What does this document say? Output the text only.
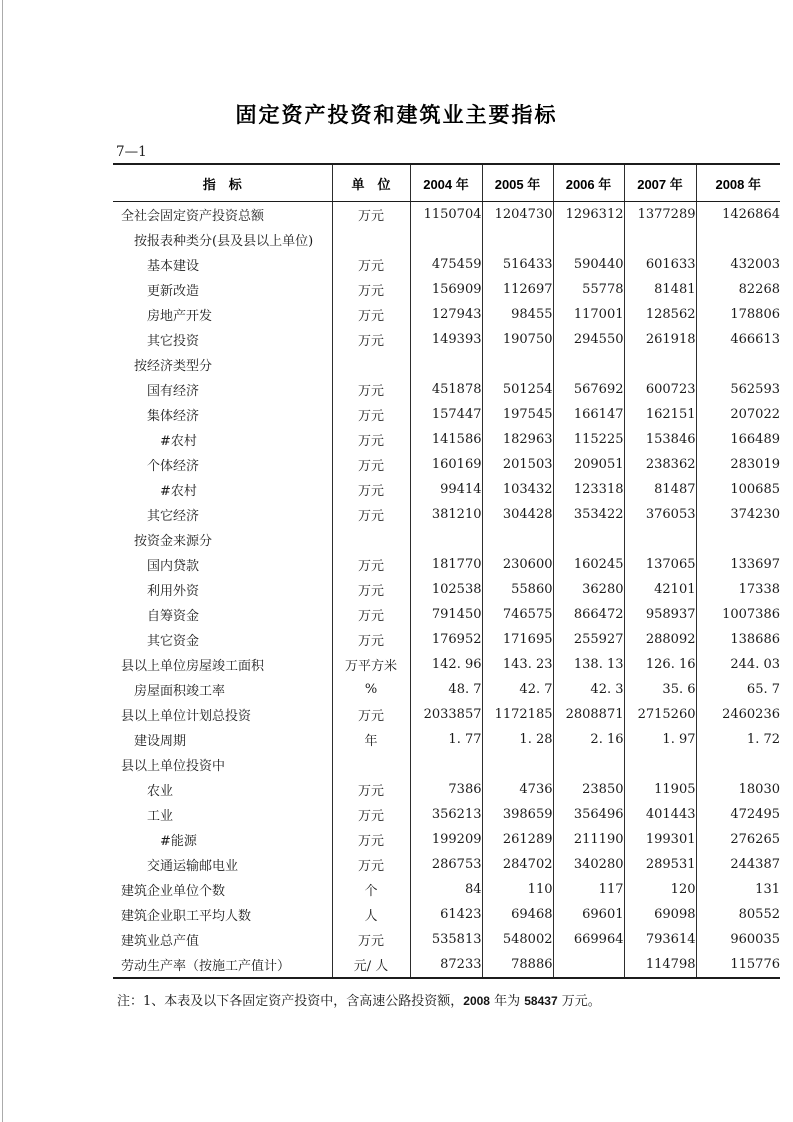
固定资产投资和建筑业主要指标
7—1
指　标	单　位	2004 年	2005 年	2006 年	2007 年	2008 年
全社会固定资产投资总额	万元	1150704	1204730	1296312	1377289	1426864
按报表种类分(县及县以上单位)						
基本建设	万元	475459	516433	590440	601633	432003
更新改造	万元	156909	112697	55778	81481	82268
房地产开发	万元	127943	98455	117001	128562	178806
其它投资	万元	149393	190750	294550	261918	466613
按经济类型分						
国有经济	万元	451878	501254	567692	600723	562593
集体经济	万元	157447	197545	166147	162151	207022
#农村	万元	141586	182963	115225	153846	166489
个体经济	万元	160169	201503	209051	238362	283019
#农村	万元	99414	103432	123318	81487	100685
其它经济	万元	381210	304428	353422	376053	374230
按资金来源分						
国内贷款	万元	181770	230600	160245	137065	133697
利用外资	万元	102538	55860	36280	42101	17338
自筹资金	万元	791450	746575	866472	958937	1007386
其它资金	万元	176952	171695	255927	288092	138686
县以上单位房屋竣工面积	万平方米	142. 96	143. 23	138. 13	126. 16	244. 03
房屋面积竣工率	%	48. 7	42. 7	42. 3	35. 6	65. 7
县以上单位计划总投资	万元	2033857	1172185	2808871	2715260	2460236
建设周期	年	1. 77	1. 28	2. 16	1. 97	1. 72
县以上单位投资中						
农业	万元	7386	4736	23850	11905	18030
工业	万元	356213	398659	356496	401443	472495
#能源	万元	199209	261289	211190	199301	276265
交通运输邮电业	万元	286753	284702	340280	289531	244387
建筑企业单位个数	个	84	110	117	120	131
建筑企业职工平均人数	人	61423	69468	69601	69098	80552
建筑业总产值	万元	535813	548002	669964	793614	960035
劳动生产率（按施工产值计）	元/ 人	87233	78886		114798	115776
注：1、本表及以下各固定资产投资中，含高速公路投资额，2008 年为 58437 万元。
